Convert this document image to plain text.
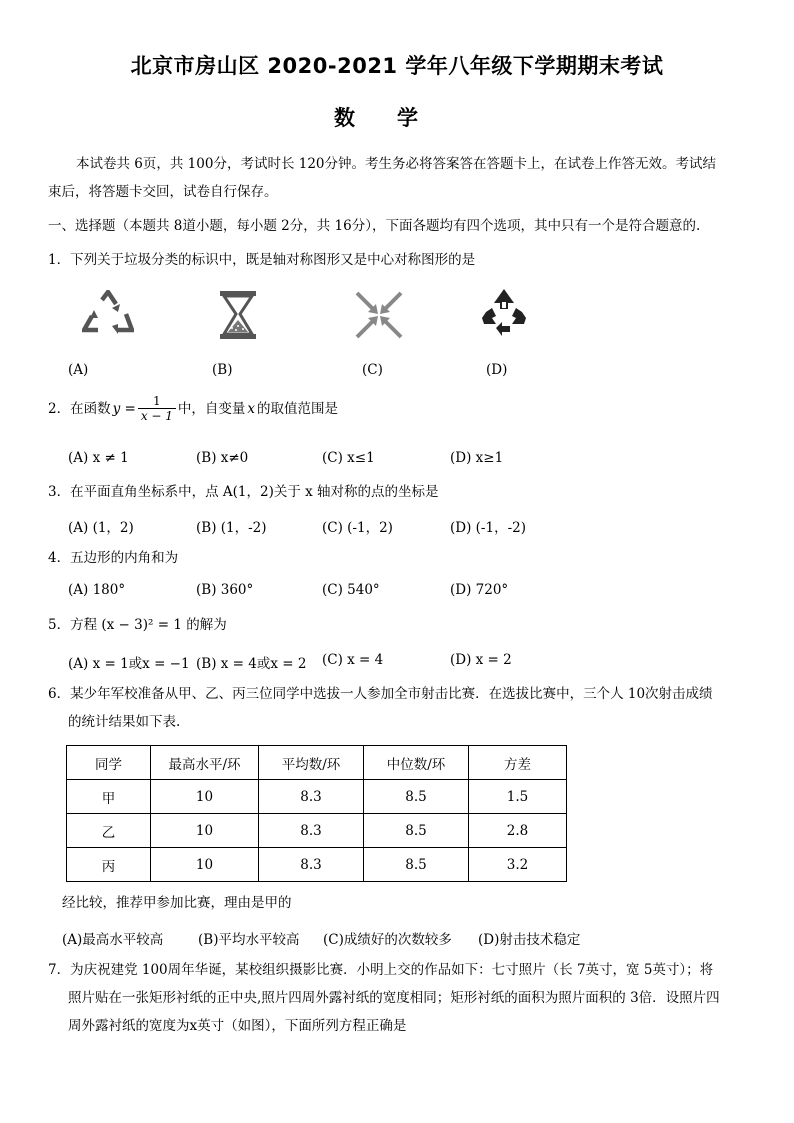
北京市房山区 2020-2021 学年八年级下学期期末考试
数学
本试卷共 6页，共 100分，考试时长 120分钟。考生务必将答案答在答题卡上，在试卷上作答无效。考试结
束后，将答题卡交回，试卷自行保存。
一、选择题（本题共 8道小题，每小题 2分，共 16分），下面各题均有四个选项，其中只有一个是符合题意的.
1．下列关于垃圾分类的标识中，既是轴对称图形又是中心对称图形的是
(A)	(B)	(C)	(D)
2．在函数 $y = \frac{1}{x - 1}$ 中，自变量 x 的取值范围是
(A) x ≠ 1	(B) x≠0	(C) x≤1	(D) x≥1
3．在平面直角坐标系中，点 A(1，2)关于 x 轴对称的点的坐标是
(A) (1，2)	(B) (1，-2)	(C) (-1，2)	(D) (-1，-2)
4．五边形的内角和为
(A) 180°	(B) 360°	(C) 540°	(D) 720°
5．方程 (x − 3)² = 1 的解为
(A) x = 1或x = −1 (B) x = 4或x = 2 (C) x = 4	(D) x = 2
6．某少年军校准备从甲、乙、丙三位同学中选拔一人参加全市射击比赛．在选拔比赛中，三个人 10次射击成绩
的统计结果如下表.
同学	最高水平/环	平均数/环	中位数/环	方差
甲	10	8.3	8.5	1.5
乙	10	8.3	8.5	2.8
丙	10	8.3	8.5	3.2
经比较，推荐甲参加比赛，理由是甲的
(A)最高水平较高	(B)平均水平较高 (C)成绩好的次数较多 (D)射击技术稳定
7．为庆祝建党 100周年华诞，某校组织摄影比赛．小明上交的作品如下：七寸照片（长 7英寸，宽 5英寸）；将
照片贴在一张矩形衬纸的正中央,照片四周外露衬纸的宽度相同；矩形衬纸的面积为照片面积的 3倍．设照片四
周外露衬纸的宽度为x英寸（如图），下面所列方程正确是
